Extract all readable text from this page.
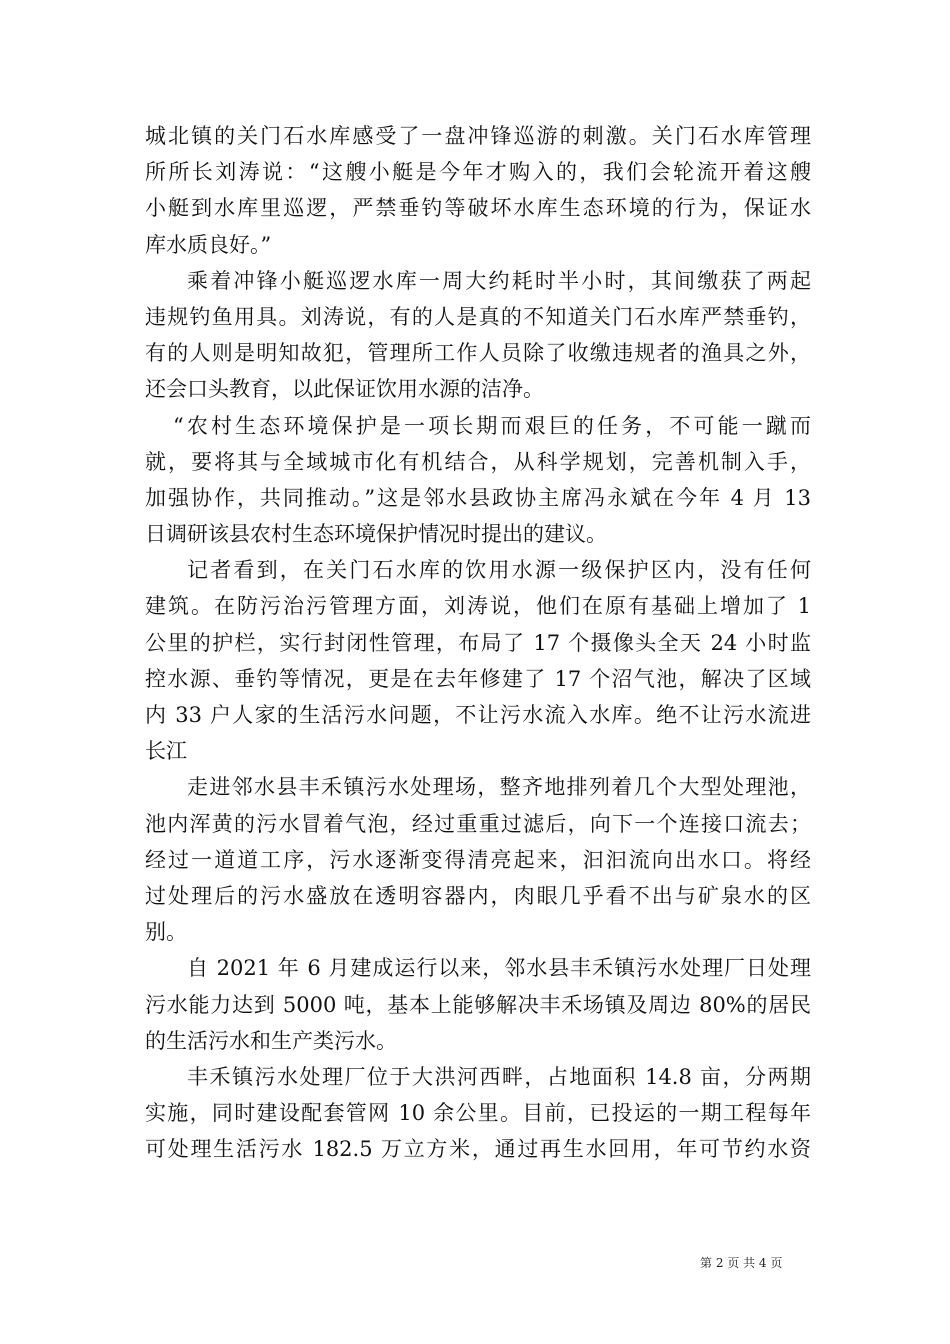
城北镇的关门石水库感受了一盘冲锋巡游的刺激。关门石水库管理
所所长刘涛说：“这艘小艇是今年才购入的，我们会轮流开着这艘
小艇到水库里巡逻，严禁垂钓等破坏水库生态环境的行为，保证水
库水质良好。”
乘着冲锋小艇巡逻水库一周大约耗时半小时，其间缴获了两起
违规钓鱼用具。刘涛说，有的人是真的不知道关门石水库严禁垂钓，
有的人则是明知故犯，管理所工作人员除了收缴违规者的渔具之外，
还会口头教育，以此保证饮用水源的洁净。
“农村生态环境保护是一项长期而艰巨的任务，不可能一蹴而
就，要将其与全域城市化有机结合，从科学规划，完善机制入手，
加强协作，共同推动。”这是邻水县政协主席冯永斌在今年 4 月 13
日调研该县农村生态环境保护情况时提出的建议。
记者看到，在关门石水库的饮用水源一级保护区内，没有任何
建筑。在防污治污管理方面，刘涛说，他们在原有基础上增加了 1
公里的护栏，实行封闭性管理，布局了 17 个摄像头全天 24 小时监
控水源、垂钓等情况，更是在去年修建了 17 个沼气池，解决了区域
内 33 户人家的生活污水问题，不让污水流入水库。绝不让污水流进
长江
走进邻水县丰禾镇污水处理场，整齐地排列着几个大型处理池，
池内浑黄的污水冒着气泡，经过重重过滤后，向下一个连接口流去；
经过一道道工序，污水逐渐变得清亮起来，汩汩流向出水口。将经
过处理后的污水盛放在透明容器内，肉眼几乎看不出与矿泉水的区
别。
自 2021 年 6 月建成运行以来，邻水县丰禾镇污水处理厂日处理
污水能力达到 5000 吨，基本上能够解决丰禾场镇及周边 80%的居民
的生活污水和生产类污水。
丰禾镇污水处理厂位于大洪河西畔，占地面积 14.8 亩，分两期
实施，同时建设配套管网 10 余公里。目前，已投运的一期工程每年
可处理生活污水 182.5 万立方米，通过再生水回用，年可节约水资
第 2 页 共 4 页
